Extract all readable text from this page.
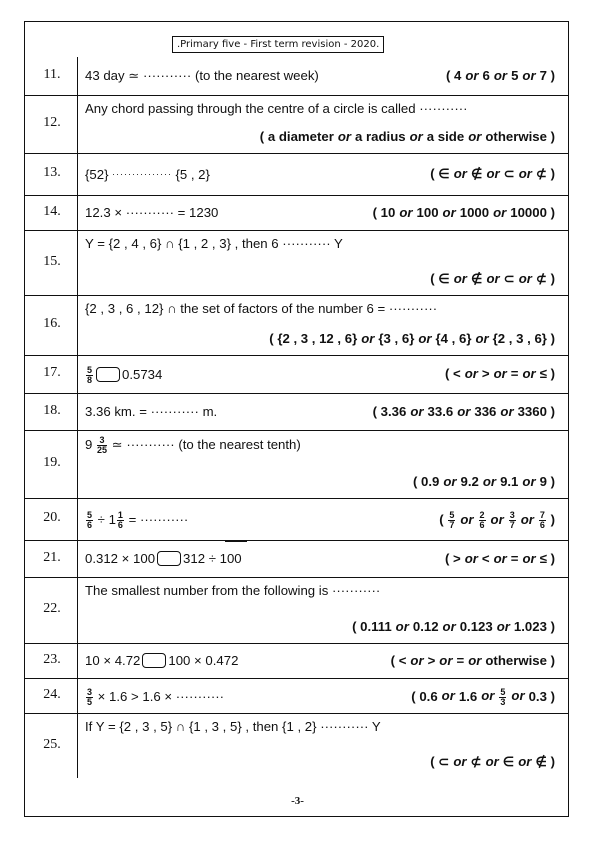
.Primary five - First term revision - 2020.
11.	43 day ≃ ··········· (to the nearest week)	( 4 or 6 or 5 or 7 )
12.
Any chord passing through the centre of a circle is called ···········
( a diameter or a radius or a side or otherwise )
13.	{52} ··············· {5 , 2}	( ∈ or ∉ or ⊂ or ⊄ )
14.	12.3 × ··········· = 1230	( 10 or 100 or 1000 or 10000 )
15.
Y = {2 , 4 , 6} ∩ {1 , 2 , 3} , then 6 ··········· Y
( ∈ or ∉ or ⊂ or ⊄ )
16.
{2 , 3 , 6 , 12} ∩ the set of factors of the number 6 = ···········
( {2 , 3 , 12 , 6} or {3 , 6} or {4 , 6} or {2 , 3 , 6} )
17.	$\frac{5}{8} 0.5734$	( < or > or = or ≤ )
18.	3.36 km. = ··········· m.	( 3.36 or 33.6 or 336 or 3360 )
19.
$9 \frac{3}{25}$ ≃ ··········· (to the nearest tenth)
( 0.9 or 9.2 or 9.1 or 9 )
20.	$\frac{5}{6} \div 1 \frac{1}{6}$ = ···········	( $\frac{5}{7}$ or $\frac{2}{6}$ or $\frac{3}{7}$ or $\frac{7}{6}$ )
21.	0.312 × 100 312 ÷ 100	( > or < or = or ≤ )
22.
The smallest number from the following is ···········
( 0.111 or 0.12 or 0.123 or 1.023 )
23.	10 × 4.72 100 × 0.472	( < or > or = or otherwise )
24.	$\frac{3}{5} \times 1.6 > 1.6$ × ···········	( 0.6 or 1.6 or $\frac{5}{3}$ or 0.3 )
25.
If Y = {2 , 3 , 5} ∩ {1 , 3 , 5} , then {1 , 2} ··········· Y
( ⊂ or ⊄ or ∈ or ∉ )
-3-
